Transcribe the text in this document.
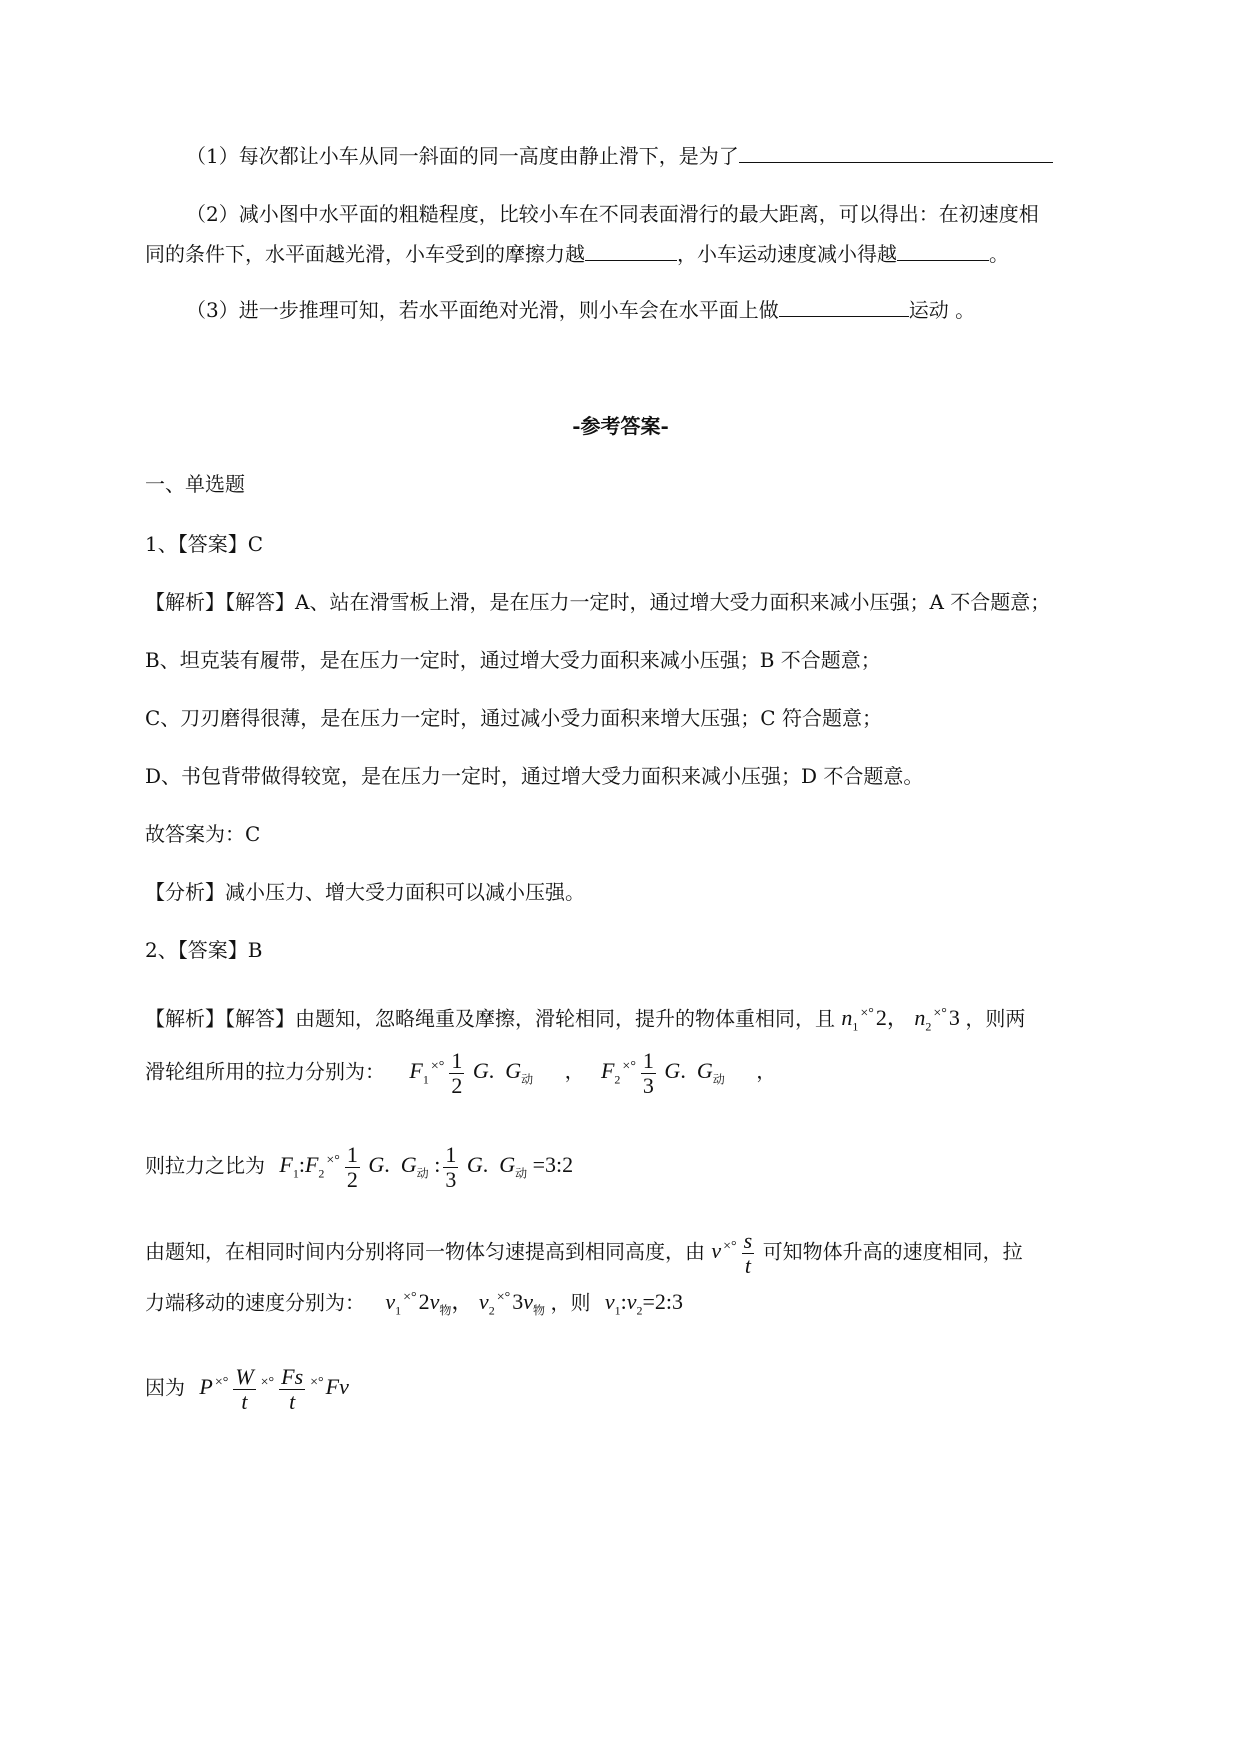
（1）每次都让小车从同一斜面的同一高度由静止滑下，是为了
（2）减小图中水平面的粗糙程度，比较小车在不同表面滑行的最大距离，可以得出：在初速度相
同的条件下，水平面越光滑，小车受到的摩擦力越	，小车运动速度减小得越	。
（3）进一步推理可知，若水平面绝对光滑，则小车会在水平面上做	运动 。
-参考答案-
一、单选题
1、【答案】C
【解析】【解答】A、站在滑雪板上滑，是在压力一定时，通过增大受力面积来减小压强；A 不合题意；
B、坦克装有履带，是在压力一定时，通过增大受力面积来减小压强；B 不合题意；
C、刀刃磨得很薄，是在压力一定时，通过减小受力面积来增大压强；C 符合题意；
D、书包背带做得较宽，是在压力一定时，通过增大受力面积来减小压强；D 不合题意。
故答案为：C
【分析】减小压力、增大受力面积可以减小压强。
2、【答案】B
【解析】【解答】由题知，忽略绳重及摩擦，滑轮相同，提升的物体重相同，且 $n_1^{\times^\circ}2$， $n_2^{\times^\circ}3$ ，则两
滑轮组所用的拉力分别为： $F_1^{\times^\circ} \frac{1}{2} G$. $G_动$ ， $F_2^{\times^\circ} \frac{1}{3} G$. $G_动$ ，
则拉力之比为 $F_1:F_2^{\times^\circ} \frac{1}{2} G$. $G_动$ : $\frac{1}{3} G$. $G_动$ =3:2
由题知，在相同时间内分别将同一物体匀速提高到相同高度，由 v $^{\times^\circ} \frac{s}{t}$ 可知物体升高的速度相同，拉
力端移动的速度分别为： $v_1^{\times^\circ}2v_物$， $v_2^{\times^\circ}3v_物$ ，则 $v_1:v_2=2:3$
因为 P $^{\times^\circ} \frac{W}{t} ^{\times^\circ} \frac{Fs}{t} ^{\times^\circ}Fv$
